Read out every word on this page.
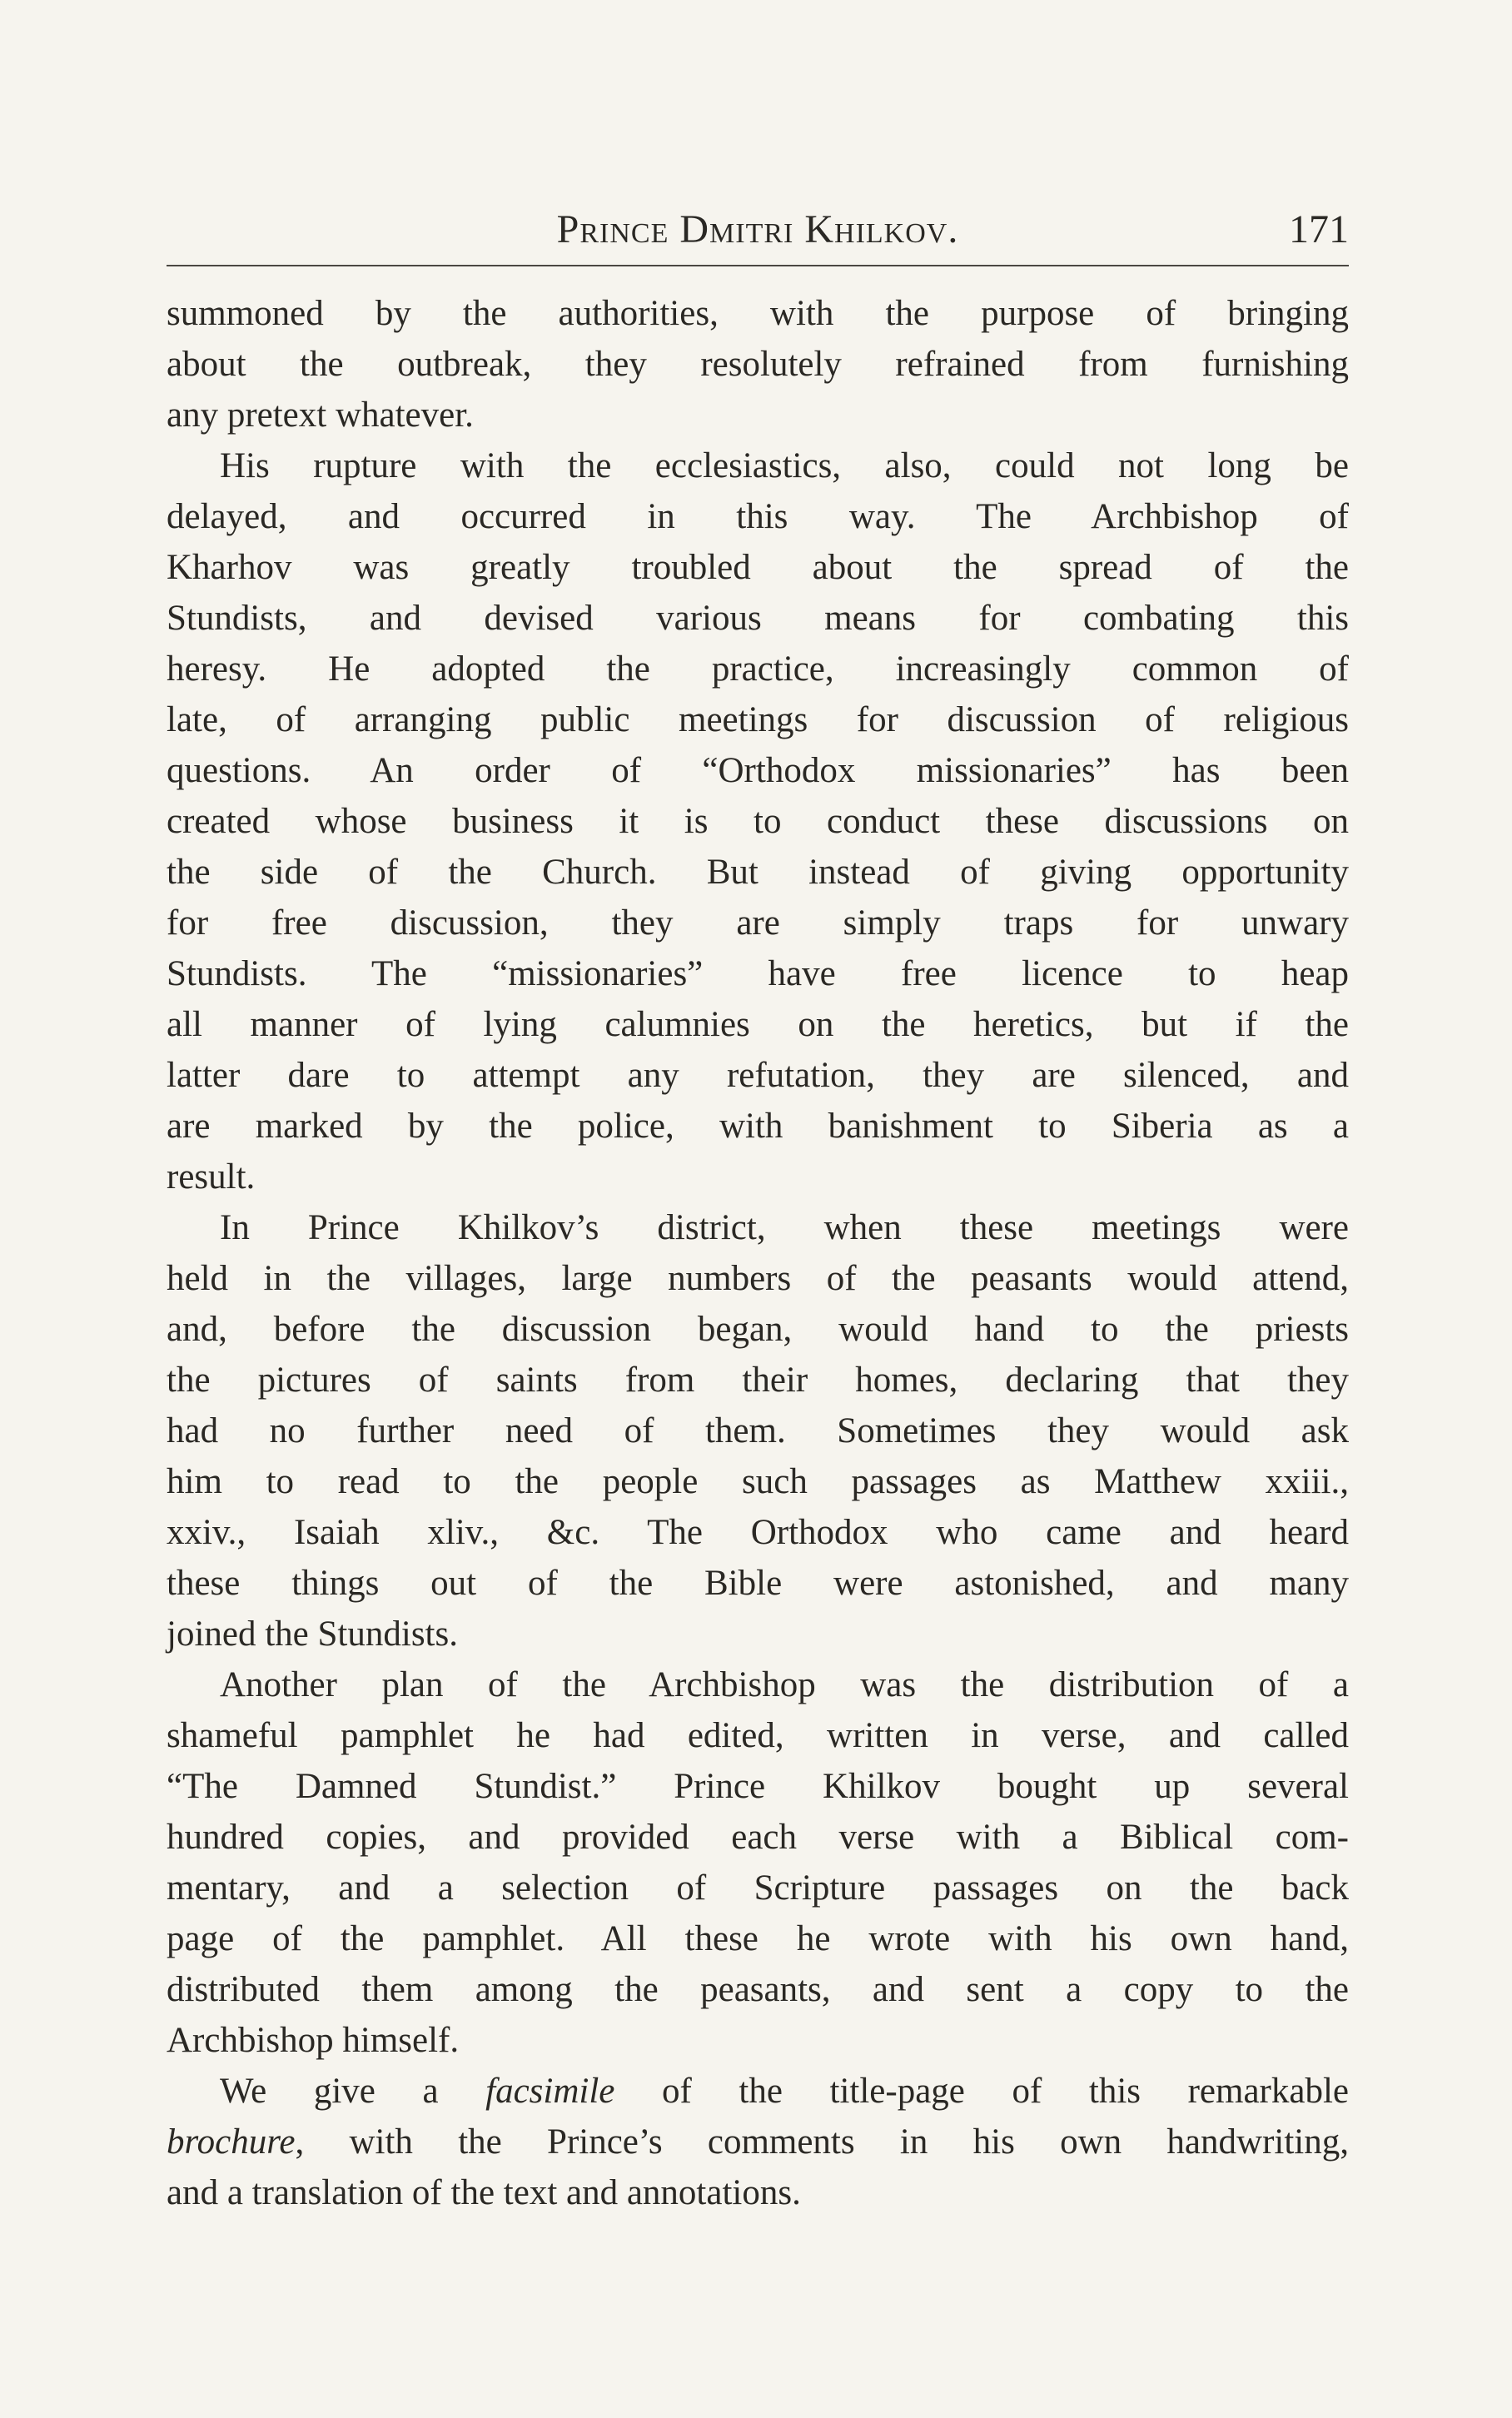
Prince Dmitri Khilkov.	171
summoned by the authorities, with the purpose of bringing
about the outbreak, they resolutely refrained from furnishing
any pretext whatever.
His rupture with the ecclesiastics, also, could not long be
delayed, and occurred in this way. The Archbishop of
Kharhov was greatly troubled about the spread of the
Stundists, and devised various means for combating this
heresy. He adopted the practice, increasingly common of
late, of arranging public meetings for discussion of religious
questions. An order of “Orthodox missionaries” has been
created whose business it is to conduct these discussions on
the side of the Church. But instead of giving opportunity
for free discussion, they are simply traps for unwary
Stundists. The “missionaries” have free licence to heap
all manner of lying calumnies on the heretics, but if the
latter dare to attempt any refutation, they are silenced, and
are marked by the police, with banishment to Siberia as a
result.
In Prince Khilkov’s district, when these meetings were
held in the villages, large numbers of the peasants would attend,
and, before the discussion began, would hand to the priests
the pictures of saints from their homes, declaring that they
had no further need of them. Sometimes they would ask
him to read to the people such passages as Matthew xxiii.,
xxiv., Isaiah xliv., &c. The Orthodox who came and heard
these things out of the Bible were astonished, and many
joined the Stundists.
Another plan of the Archbishop was the distribution of a
shameful pamphlet he had edited, written in verse, and called
“The Damned Stundist.” Prince Khilkov bought up several
hundred copies, and provided each verse with a Biblical com-
mentary, and a selection of Scripture passages on the back
page of the pamphlet. All these he wrote with his own hand,
distributed them among the peasants, and sent a copy to the
Archbishop himself.
We give a facsimile of the title-page of this remarkable
brochure, with the Prince’s comments in his own handwriting,
and a translation of the text and annotations.
